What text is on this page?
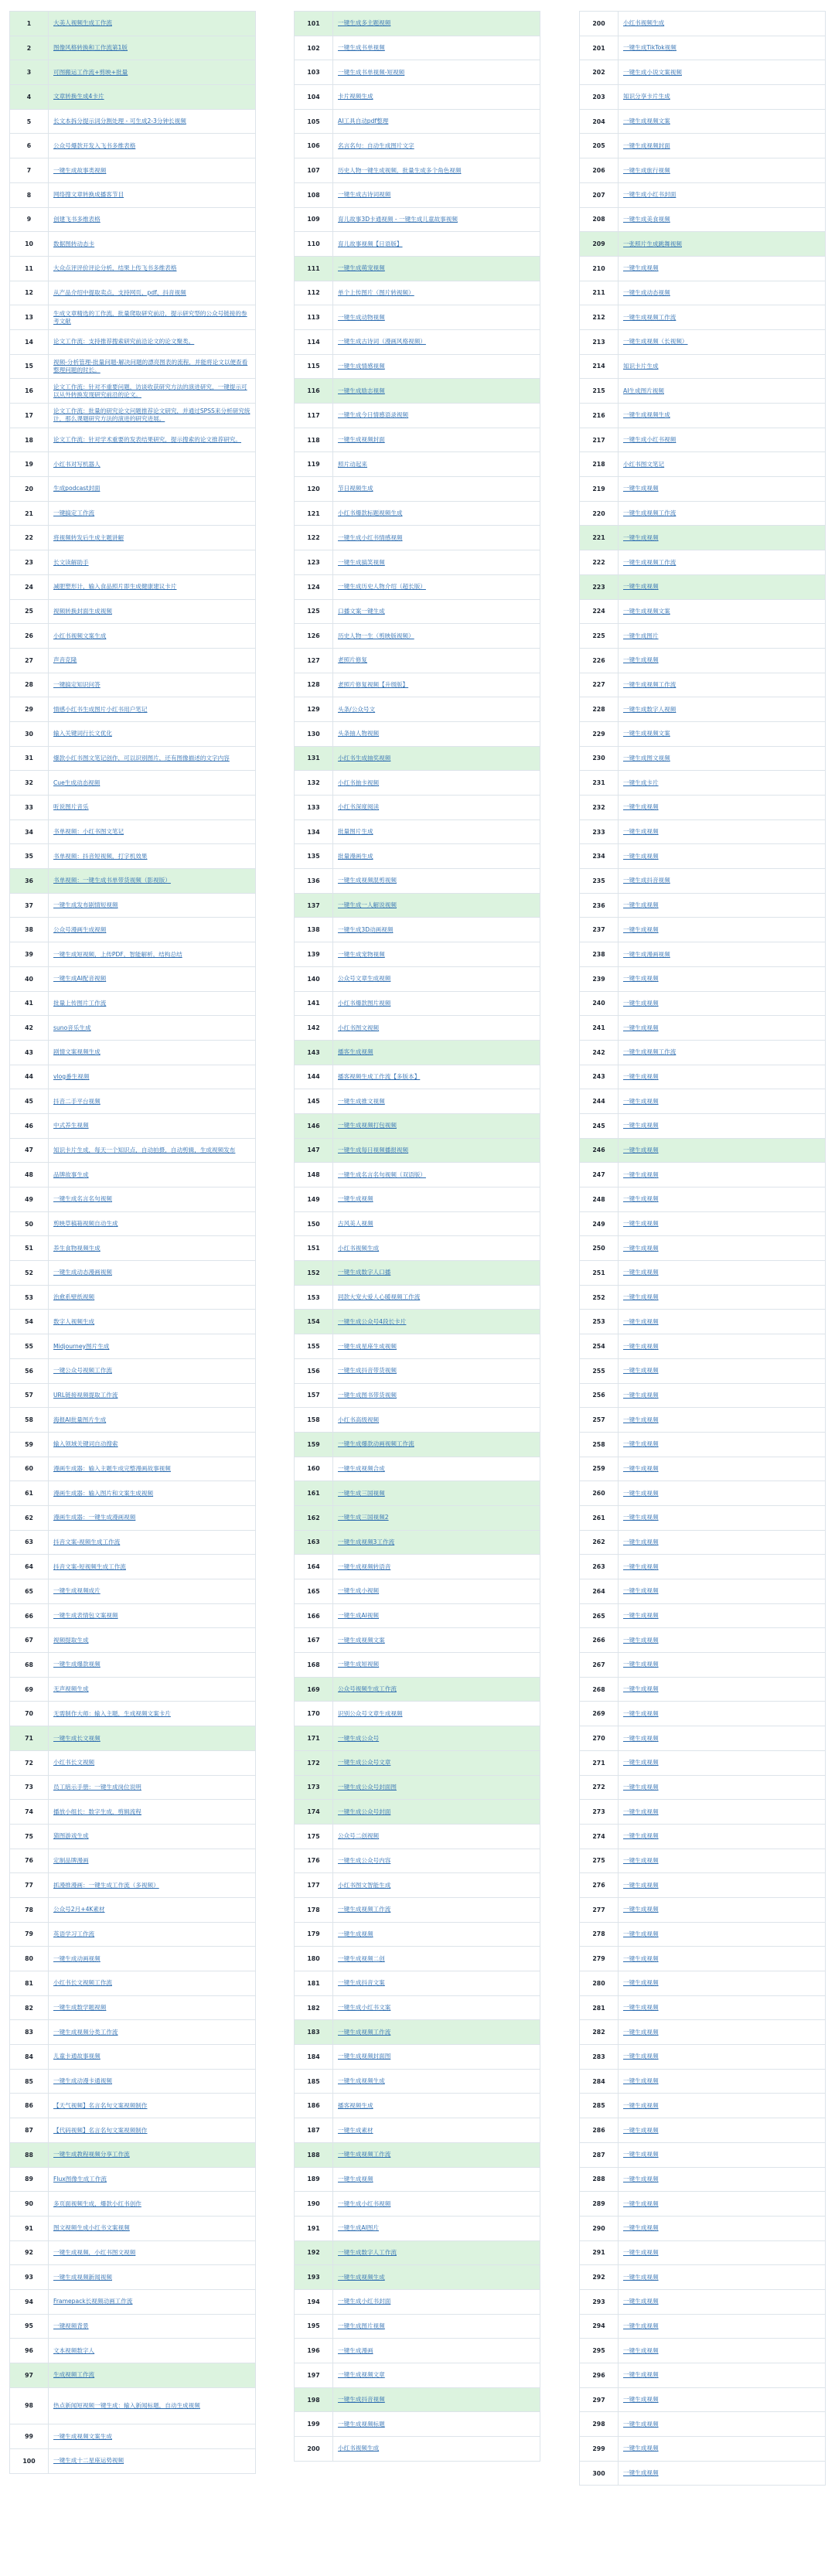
1	大美人视频生成工作流
2	图像风格转换和工作流第1版
3	可图搬运工作流+剪映+批量
4	文章转换生成4卡片
5	长文本拆分提示词分割处理 - 可生成2-3分钟长视频
6	公众号爆款开发入飞书多维表格
7	一键生成故事类视频
8	网络搜文章转换成播客节目
9	创建飞书多维表格
10	数据图转动态卡
11	大众点评评价评论分析，结果上传飞书多维表格
12	从产品介绍中提取卖点，支持网页、pdf、抖音视频
13	生成文章精选的工作流，批量爬取研究前沿，提示研究型的公众号链接的参考文献
14	论文工作流：支持推荐搜索研究前沿论文的论文聚类。
15	视频-分析管理-批量问题-解决问题的漂亮图表的流程，并能将论文以便查看整理问题的时长。
16	论文工作流：针对不重要问题，访谈收获研究方法的演进研究，一键提示可以从外转换发现研究前沿的论文。
17	论文工作流：批量的研究论文问题推荐论文研究，并通过SPSS来分析研究统计，那么课题研究方法的演进的研究进展。
18	论文工作流：针对学术重要的发表结果研究，提示搜索的论文推荐研究。
19	小红书对写机器人
20	生成podcast封面
21	一键搞定工作流
22	将视频转发后生成主题讲解
23	长文读解助手
24	减肥塑形计，输入食品照片即生成健康建议卡片
25	视频转换封面生成视频
26	小红书视频文案生成
27	声音克隆
28	一键搞定知识问答
29	情感小红书生成图片小红书用户笔记
30	输入关键词行长文优化
31	爆款小红书图文笔记创作，可以识别图片，还有图像描述的文字内容
32	Cue生成动态视频
33	听说图片音乐
34	书单视频：小红书图文笔记
35	书单视频：抖音短视频，打字机效果
36	书单视频：一键生成书单带货视频（影视版）
37	一键生成发布剧情短视频
38	公众号漫画生成视频
39	一键生成短视频，上传PDF，智能解析，结构总结
40	一键生成AI配音视频
41	批量上传图片工作流
42	suno音乐生成
43	剧情文案视频生成
44	vlog番生视频
45	抖音二手平台视频
46	中式养生视频
47	知识卡片生成，每天一个知识点，自动拍摄，自动剪辑，生成视频发布
48	品牌故事生成
49	一键生成名言名句视频
50	剪映草稿箱视频自动生成
51	养生食物视频生成
52	一键生成动态漫画视频
53	治愈系壁纸视频
54	数字人视频生成
55	Midjourney图片生成
56	一键公众号视频工作流
57	URL链接视频提取工作流
58	海报AI批量图片生成
59	输入领域关键词自动搜索
60	漫画生成器：输入主题生成完整漫画故事视频
61	漫画生成器：输入图片和文案生成视频
62	漫画生成器：一键生成漫画视频
63	抖音文案-视频生成工作流
64	抖音文案-短视频生成工作流
65	一键生成视频成片
66	一键生成表情包文案视频
67	视频提取生成
68	一键生成爆款视频
69	无声视频生成
70	无需制作大师：输入主题，生成视频文案卡片
71	一键生成长文视频
72	小红书长文视频
73	员工暗示手册：一键生成岗位说明
74	播放小组长：数字生成，剪辑流程
75	猜图游戏生成
76	定制品牌漫画
77	抓漫推漫画：一键生成工作流（多视频）
78	公众号2月+4K素材
79	英语学习工作流
80	一键生成动画视频
81	小红书长文视频工作流
82	一键生成数学题视频
83	一键生成视频分类工作流
84	儿童卡通故事视频
85	一键生成动漫卡通视频
86	【天气视频】名言名句文案视频制作
87	【代码视频】名言名句文案视频制作
88	一键生成教程视频分享工作流
89	Flux图像生成工作流
90	多页面视频生成，爆款小红书创作
91	图文视频生成小红书文案视频
92	一键生成视频，小红书图文视频
93	一键生成视频新闻视频
94	Framepack长视频动画工作流
95	一键视频背景
96	文本视频数字人
97	生成视频工作流
98	热点新闻短视频一键生成：输入新闻标题，自动生成视频
99	一键生成视频文案生成
100	一键生成十二星座运势视频
101	一键生成多主题视频
102	一键生成书单视频
103	一键生成书单视频-短视频
104	卡片视频生成
105	AI工具自动pdf整理
106	名言名句：自动生成图片文字
107	历史人物一键生成视频，批量生成多个角色视频
108	一键生成古诗词视频
109	育儿故事3D卡通视频 - 一键生成儿童故事视频
110	育儿故事视频【日语版】
111	一键生成萌宠视频
112	单个上传图片（图片转视频）
113	一键生成动物视频
114	一键生成古诗词（漫画风格视频）
115	一键生成情感视频
116	一键生成励志视频
117	一键生成今日情感语录视频
118	一键生成视频封面
119	照片动起来
120	节日视频生成
121	小红书爆款标题视频生成
122	一键生成小红书情感视频
123	一键生成搞笑视频
124	一键生成历史人物介绍（超长版）
125	口播文案一键生成
126	历史人物一生（剪映版视频）
127	老照片修复
128	老照片修复视频【升级版】
129	头条/公众号文
130	头条抽人物视频
131	小红书生成抽奖视频
132	小红书抽卡视频
133	小红书深度阅读
134	批量图片生成
135	批量漫画生成
136	一键生成视频混剪视频
137	一键生成一人解说视频
138	一键生成3D动画视频
139	一键生成宠物视频
140	公众号文章生成视频
141	小红书爆款图片视频
142	小红书图文视频
143	播客生成视频
144	播客视频生成工作流【多版本】
145	一键生成推文视频
146	一键生成视频打包视频
147	一键生成每日视频播报视频
148	一键生成名言名句视频（双语版）
149	一键生成视频
150	古风美人视频
151	小红书视频生成
152	一键生成数字人口播
153	同款大宠大爱人心暖视频工作流
154	一键生成公众号4段长卡片
155	一键生成星座生成视频
156	一键生成抖音带货视频
157	一键生成图书带货视频
158	小红书高级视频
159	一键生成爆款动画视频工作流
160	一键生成视频合成
161	一键生成三国视频
162	一键生成三国视频2
163	一键生成视频3工作流
164	一键生成视频转语音
165	一键生成小视频
166	一键生成AI视频
167	一键生成视频文案
168	一键生成短视频
169	公众号视频生成工作流
170	识别公众号文章生成视频
171	一键生成公众号
172	一键生成公众号文章
173	一键生成公众号封面图
174	一键生成公众号封面
175	公众号二创视频
176	一键生成公众号内容
177	小红书图文智能生成
178	一键生成视频工作流
179	一键生成视频
180	一键生成视频二创
181	一键生成抖音文案
182	一键生成小红书文案
183	一键生成视频工作流
184	一键生成视频封面图
185	一键生成视频生成
186	播客视频生成
187	一键生成素材
188	一键生成视频工作流
189	一键生成视频
190	一键生成小红书视频
191	一键生成AI图片
192	一键生成数字人工作流
193	一键生成视频生成
194	一键生成小红书封面
195	一键生成图片视频
196	一键生成漫画
197	一键生成视频文章
198	一键生成抖音视频
199	一键生成视频标题
200	小红书视频生成
200	小红书视频生成
201	一键生成TikTok视频
202	一键生成小说文案视频
203	知识分享卡片生成
204	一键生成视频文案
205	一键生成视频封面
206	一键生成旅行视频
207	一键生成小红书封面
208	一键生成美食视频
209	一张照片生成跳舞视频
210	一键生成视频
211	一键生成动态视频
212	一键生成视频工作流
213	一键生成视频（长视频）
214	知识卡片生成
215	AI生成图片视频
216	一键生成视频生成
217	一键生成小红书视频
218	小红书图文笔记
219	一键生成视频
220	一键生成视频工作流
221	一键生成视频
222	一键生成视频工作流
223	一键生成视频
224	一键生成视频文案
225	一键生成图片
226	一键生成视频
227	一键生成视频工作流
228	一键生成数字人视频
229	一键生成视频文案
230	一键生成图文视频
231	一键生成卡片
232	一键生成视频
233	一键生成视频
234	一键生成视频
235	一键生成抖音视频
236	一键生成视频
237	一键生成视频
238	一键生成漫画视频
239	一键生成视频
240	一键生成视频
241	一键生成视频
242	一键生成视频工作流
243	一键生成视频
244	一键生成视频
245	一键生成视频
246	一键生成视频
247	一键生成视频
248	一键生成视频
249	一键生成视频
250	一键生成视频
251	一键生成视频
252	一键生成视频
253	一键生成视频
254	一键生成视频
255	一键生成视频
256	一键生成视频
257	一键生成视频
258	一键生成视频
259	一键生成视频
260	一键生成视频
261	一键生成视频
262	一键生成视频
263	一键生成视频
264	一键生成视频
265	一键生成视频
266	一键生成视频
267	一键生成视频
268	一键生成视频
269	一键生成视频
270	一键生成视频
271	一键生成视频
272	一键生成视频
273	一键生成视频
274	一键生成视频
275	一键生成视频
276	一键生成视频
277	一键生成视频
278	一键生成视频
279	一键生成视频
280	一键生成视频
281	一键生成视频
282	一键生成视频
283	一键生成视频
284	一键生成视频
285	一键生成视频
286	一键生成视频
287	一键生成视频
288	一键生成视频
289	一键生成视频
290	一键生成视频
291	一键生成视频
292	一键生成视频
293	一键生成视频
294	一键生成视频
295	一键生成视频
296	一键生成视频
297	一键生成视频
298	一键生成视频
299	一键生成视频
300	一键生成视频
